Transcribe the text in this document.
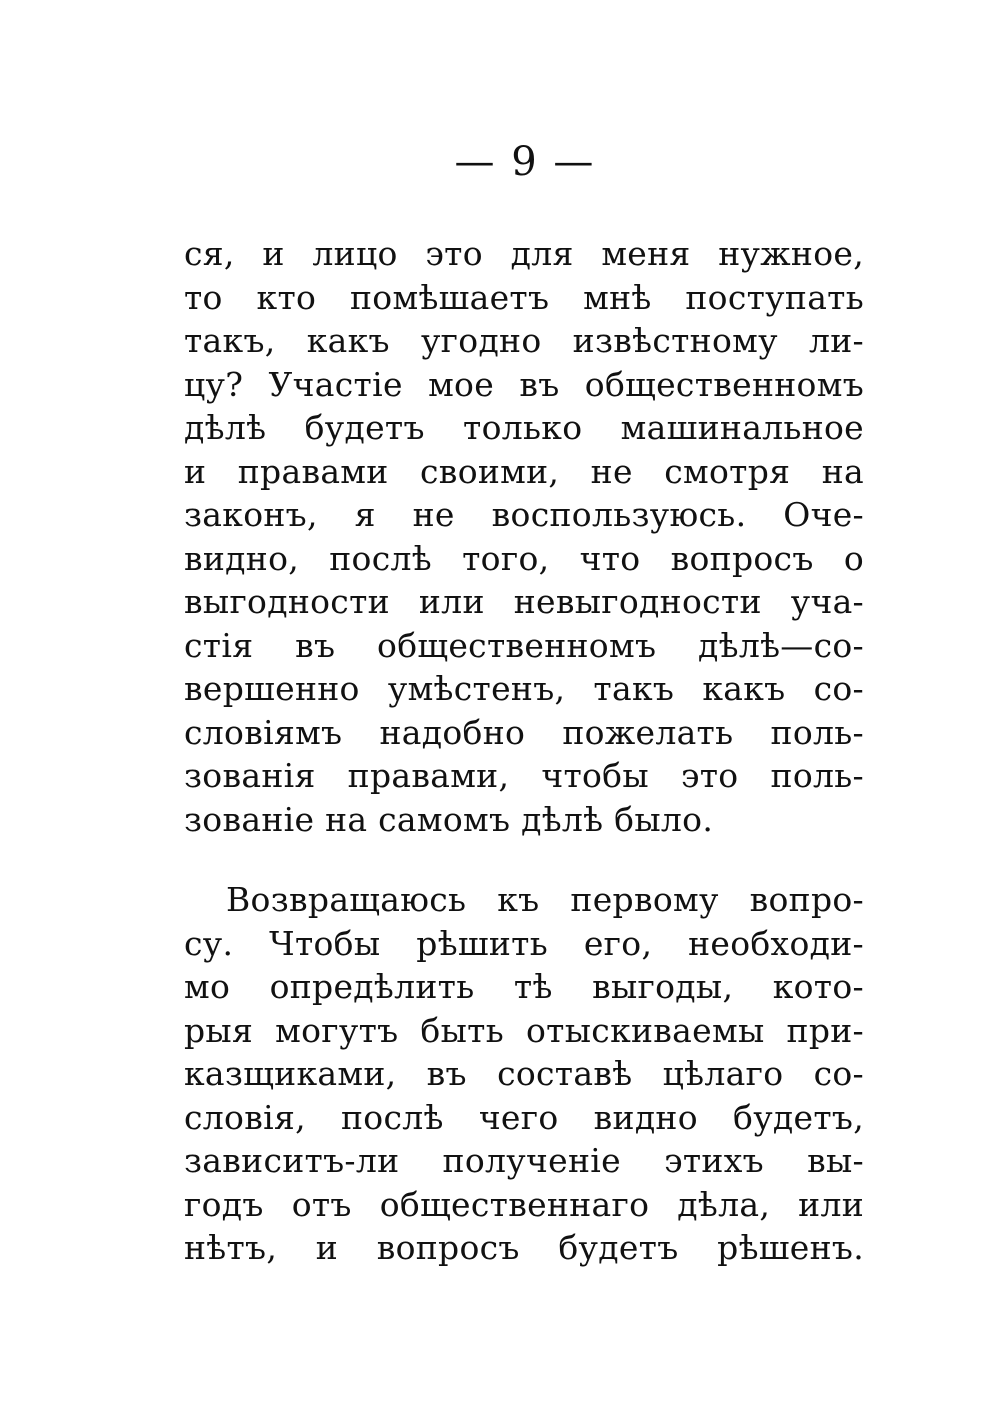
— 9 —
ся, и лицо это для меня нужное,
то кто помѣшаетъ мнѣ поступать
такъ, какъ угодно извѣстному ли-
цу? Участіе мое въ общественномъ
дѣлѣ будетъ только машинальное
и правами своими, не смотря на
законъ, я не воспользуюсь. Оче-
видно, послѣ того, что вопросъ о
выгодности или невыгодности уча-
стія въ общественномъ дѣлѣ—со-
вершенно умѣстенъ, такъ какъ со-
словіямъ надобно пожелать поль-
зованія правами, чтобы это поль-
зованіе на самомъ дѣлѣ было.
Возвращаюсь къ первому вопро-
су. Чтобы рѣшить его, необходи-
мо опредѣлить тѣ выгоды, кото-
рыя могутъ быть отыскиваемы при-
казщиками, въ составѣ цѣлаго со-
словія, послѣ чего видно будетъ,
зависитъ-ли полученіе этихъ вы-
годъ отъ общественнаго дѣла, или
нѣтъ, и вопросъ будетъ рѣшенъ.
